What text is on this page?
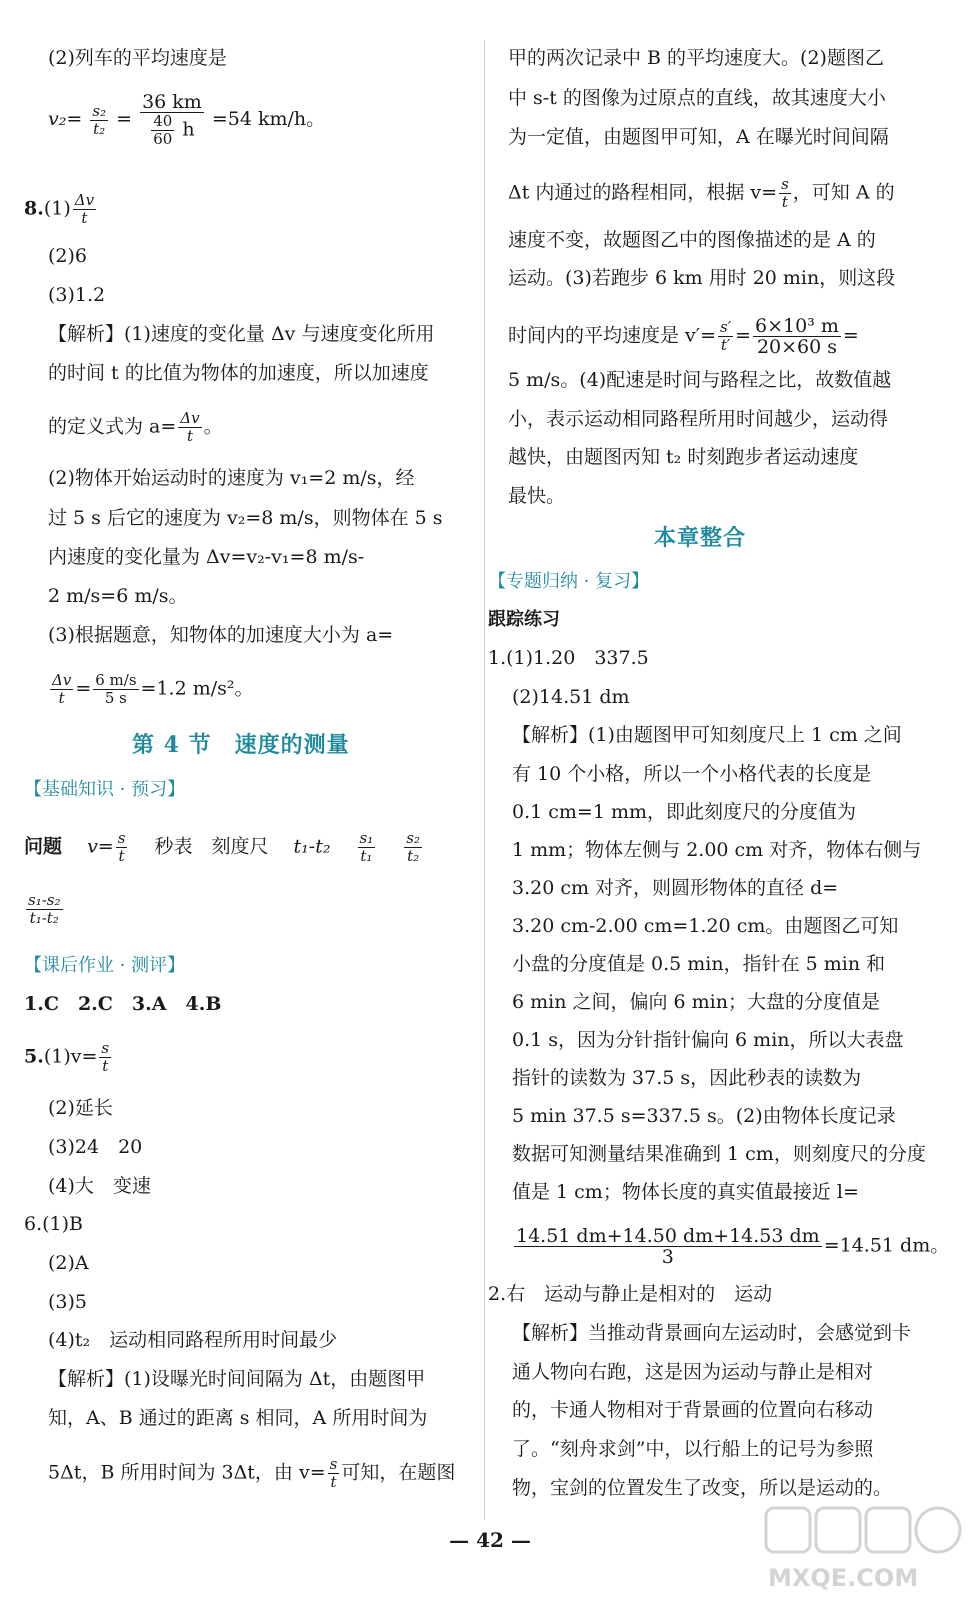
(2)列车的平均速度是
$v_2= \frac{\text{s₂}}{\text{t₂}} = \frac{36 km}{\frac{40}{60} h} =54$ km/h。
$8.(1) \frac{\Delta v}{t}$
(2)6
(3)1.2
【解析】(1)速度的变化量 Δv 与速度变化所用
的时间 t 的比值为物体的加速度，所以加速度
的定义式为 $a= \frac{\Delta v}{t}$ 。
(2)物体开始运动时的速度为 v₁=2 m/s，经
过 5 s 后它的速度为 v₂=8 m/s，则物体在 5 s
内速度的变化量为 Δv=v₂-v₁=8 m/s-
2 m/s=6 m/s。
(3)根据题意，知物体的加速度大小为 a=
$\frac{\Delta v}{t} = \frac{6 m/s}{5 s} =1.2$ m/s²。
第 4 节　速度的测量
【基础知识 · 预习】
问题　 $v= \frac{s}{t}$
　 秒表　刻度尺　 t₁-t₂　 $\frac{\text{s₁}}{\text{t₁}}$
　 $\frac{\text{s₂}}{\text{t₂}}$
$\frac{\text{s₁-s₂}}{\text{t₁-t₂}}$
【课后作业 · 测评】
1.C　2.C　3.A　4.B
$5.(1)v= \frac{s}{t}$
(2)延长
(3)24　20
(4)大　变速
6.(1)B
(2)A
(3)5
(4)t₂　运动相同路程所用时间最少
【解析】(1)设曝光时间间隔为 Δt，由题图甲
知，A、B 通过的距离 s 相同，A 所用时间为
5Δt，B 所用时间为 3Δt，由 $v= \frac{s}{t}$ 可知，在题图
甲的两次记录中 B 的平均速度大。(2)题图乙
中 s-t 的图像为过原点的直线，故其速度大小
为一定值，由题图甲可知，A 在曝光时间间隔
Δt 内通过的路程相同，根据 $v= \frac{s}{t}$ ，可知 A 的
速度不变，故题图乙中的图像描述的是 A 的
运动。(3)若跑步 6 km 用时 20 min，则这段
时间内的平均速度是 $v'= \frac{s'}{t'} = \frac{\text{6×10³ m}}{20\times 60 s}$ =
5 m/s。(4)配速是时间与路程之比，故数值越
小，表示运动相同路程所用时间越少，运动得
越快，由题图丙知 t₂ 时刻跑步者运动速度
最快。
本章整合
【专题归纳 · 复习】
跟踪练习
1.(1)1.20　337.5
(2)14.51 dm
【解析】(1)由题图甲可知刻度尺上 1 cm 之间
有 10 个小格，所以一个小格代表的长度是
0.1 cm=1 mm，即此刻度尺的分度值为
1 mm；物体左侧与 2.00 cm 对齐，物体右侧与
3.20 cm 对齐，则圆形物体的直径 d=
3.20 cm-2.00 cm=1.20 cm。由题图乙可知
小盘的分度值是 0.5 min，指针在 5 min 和
6 min 之间，偏向 6 min；大盘的分度值是
0.1 s，因为分针指针偏向 6 min，所以大表盘
指针的读数为 37.5 s，因此秒表的读数为
5 min 37.5 s=337.5 s。(2)由物体长度记录
数据可知测量结果准确到 1 cm，则刻度尺的分度
值是 1 cm；物体长度的真实值最接近 l=
$\frac{14.51 dm+14.50 dm+14.53 dm}{3} =14.51$ dm。
2.右　运动与静止是相对的　运动
【解析】当推动背景画向左运动时，会感觉到卡
通人物向右跑，这是因为运动与静止是相对
的，卡通人物相对于背景画的位置向右移动
了。“刻舟求剑”中，以行船上的记号为参照
物，宝剑的位置发生了改变，所以是运动的。
— 42 —
MXQE.COM
